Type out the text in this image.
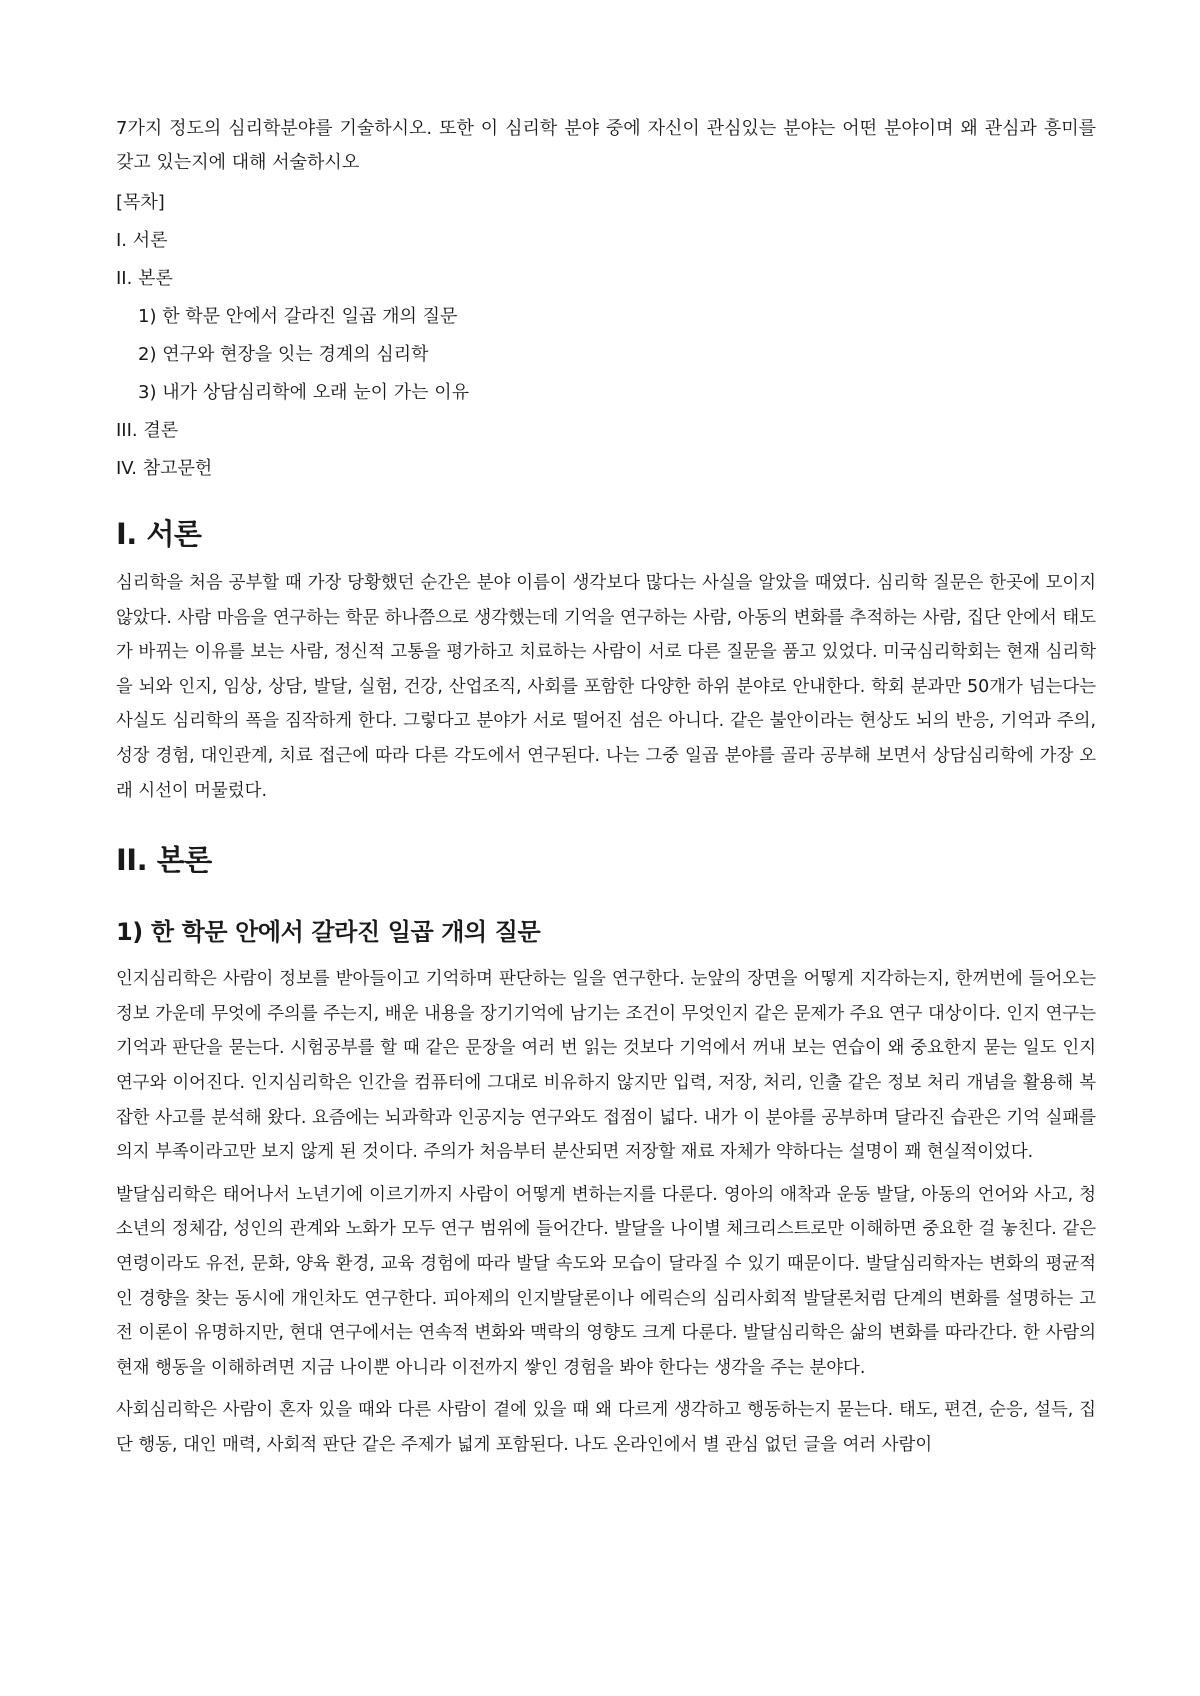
7가지 정도의 심리학분야를 기술하시오. 또한 이 심리학 분야 중에 자신이 관심있는 분야는 어떤 분야이며 왜 관심과 흥미를 갖고 있는지에 대해 서술하시오

[목차]
I. 서론
II. 본론
1) 한 학문 안에서 갈라진 일곱 개의 질문
2) 연구와 현장을 잇는 경계의 심리학
3) 내가 상담심리학에 오래 눈이 가는 이유
III. 결론
IV. 참고문헌
I. 서론

심리학을 처음 공부할 때 가장 당황했던 순간은 분야 이름이 생각보다 많다는 사실을 알았을 때였다. 심리학 질문은 한곳에 모이지 않았다. 사람 마음을 연구하는 학문 하나쯤으로 생각했는데 기억을 연구하는 사람, 아동의 변화를 추적하는 사람, 집단 안에서 태도가 바뀌는 이유를 보는 사람, 정신적 고통을 평가하고 치료하는 사람이 서로 다른 질문을 품고 있었다. 미국심리학회는 현재 심리학을 뇌와 인지, 임상, 상담, 발달, 실험, 건강, 산업조직, 사회를 포함한 다양한 하위 분야로 안내한다. 학회 분과만 50개가 넘는다는 사실도 심리학의 폭을 짐작하게 한다. 그렇다고 분야가 서로 떨어진 섬은 아니다. 같은 불안이라는 현상도 뇌의 반응, 기억과 주의, 성장 경험, 대인관계, 치료 접근에 따라 다른 각도에서 연구된다. 나는 그중 일곱 분야를 골라 공부해 보면서 상담심리학에 가장 오래 시선이 머물렀다.

II. 본론
1) 한 학문 안에서 갈라진 일곱 개의 질문

인지심리학은 사람이 정보를 받아들이고 기억하며 판단하는 일을 연구한다. 눈앞의 장면을 어떻게 지각하는지, 한꺼번에 들어오는 정보 가운데 무엇에 주의를 주는지, 배운 내용을 장기기억에 남기는 조건이 무엇인지 같은 문제가 주요 연구 대상이다. 인지 연구는 기억과 판단을 묻는다. 시험공부를 할 때 같은 문장을 여러 번 읽는 것보다 기억에서 꺼내 보는 연습이 왜 중요한지 묻는 일도 인지 연구와 이어진다. 인지심리학은 인간을 컴퓨터에 그대로 비유하지 않지만 입력, 저장, 처리, 인출 같은 정보 처리 개념을 활용해 복잡한 사고를 분석해 왔다. 요즘에는 뇌과학과 인공지능 연구와도 접점이 넓다. 내가 이 분야를 공부하며 달라진 습관은 기억 실패를 의지 부족이라고만 보지 않게 된 것이다. 주의가 처음부터 분산되면 저장할 재료 자체가 약하다는 설명이 꽤 현실적이었다.

발달심리학은 태어나서 노년기에 이르기까지 사람이 어떻게 변하는지를 다룬다. 영아의 애착과 운동 발달, 아동의 언어와 사고, 청소년의 정체감, 성인의 관계와 노화가 모두 연구 범위에 들어간다. 발달을 나이별 체크리스트로만 이해하면 중요한 걸 놓친다. 같은 연령이라도 유전, 문화, 양육 환경, 교육 경험에 따라 발달 속도와 모습이 달라질 수 있기 때문이다. 발달심리학자는 변화의 평균적인 경향을 찾는 동시에 개인차도 연구한다. 피아제의 인지발달론이나 에릭슨의 심리사회적 발달론처럼 단계의 변화를 설명하는 고전 이론이 유명하지만, 현대 연구에서는 연속적 변화와 맥락의 영향도 크게 다룬다. 발달심리학은 삶의 변화를 따라간다. 한 사람의 현재 행동을 이해하려면 지금 나이뿐 아니라 이전까지 쌓인 경험을 봐야 한다는 생각을 주는 분야다.

사회심리학은 사람이 혼자 있을 때와 다른 사람이 곁에 있을 때 왜 다르게 생각하고 행동하는지 묻는다. 태도, 편견, 순응, 설득, 집단 행동, 대인 매력, 사회적 판단 같은 주제가 넓게 포함된다. 나도 온라인에서 별 관심 없던 글을 여러 사람이
